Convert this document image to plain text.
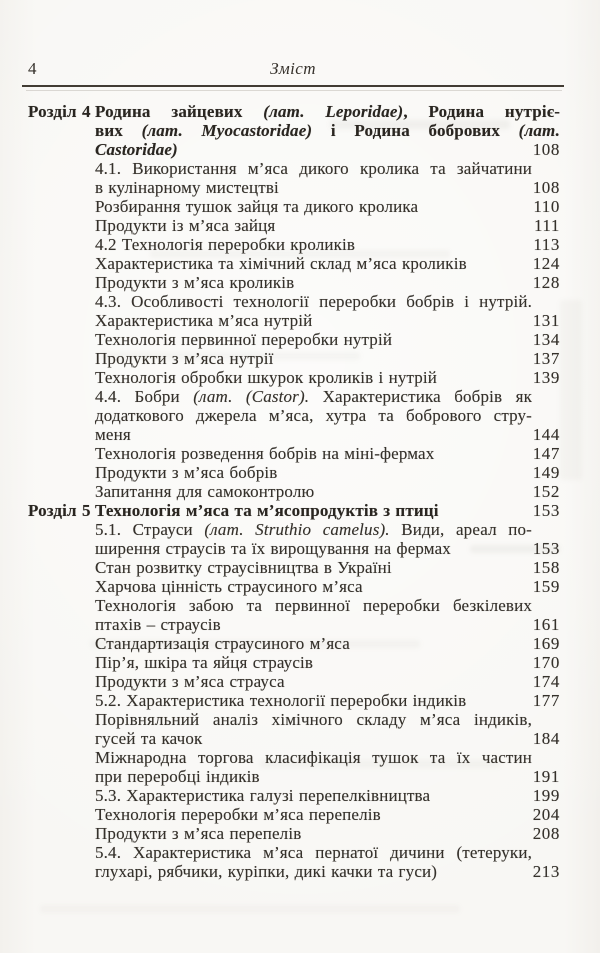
4	Зміст
Розділ 4 Родина зайцевих (лат. Leporidae), Родина нутріє-
вих (лат. Myocastoridae) і Родина бобрових (лат.
Castoridae)	108
4.1. Використання м’яса дикого кролика та зайчатини
в кулінарному мистецтві	108
Розбирання тушок зайця та дикого кролика	110
Продукти із м’яса зайця	111
4.2 Технологія переробки кроликів	113
Характеристика та хімічний склад м’яса кроликів	124
Продукти з м’яса кроликів	128
4.3. Особливості технології переробки бобрів і нутрій.
Характеристика м’яса нутрій	131
Технологія первинної переробки нутрій	134
Продукти з м’яса нутрії	137
Технологія обробки шкурок кроликів і нутрій	139
4.4. Бобри (лат. (Castor). Характеристика бобрів як
додаткового джерела м’яса, хутра та бобрового стру-
меня	144
Технологія розведення бобрів на міні-фермах	147
Продукти з м’яса бобрів	149
Запитання для самоконтролю	152
Розділ 5 Технологія м’яса та м’ясопродуктів з птиці	153
5.1. Страуси (лат. Struthio camelus). Види, ареал по-
ширення страусів та їх вирощування на фермах	153
Стан розвитку страусівництва в Україні	158
Харчова цінність страусиного м’яса	159
Технологія забою та первинної переробки безкілевих
птахів – страусів	161
Стандартизація страусиного м’яса	169
Пір’я, шкіра та яйця страусів	170
Продукти з м’яса страуса	174
5.2. Характеристика технології переробки індиків	177
Порівняльний аналіз хімічного складу м’яса індиків,
гусей та качок	184
Міжнародна торгова класифікація тушок та їх частин
при переробці індиків	191
5.3. Характеристика галузі перепелківництва	199
Технологія переробки м’яса перепелів	204
Продукти з м’яса перепелів	208
5.4. Характеристика м’яса пернатої дичини (тетеруки,
глухарі, рябчики, куріпки, дикі качки та гуси)	213
